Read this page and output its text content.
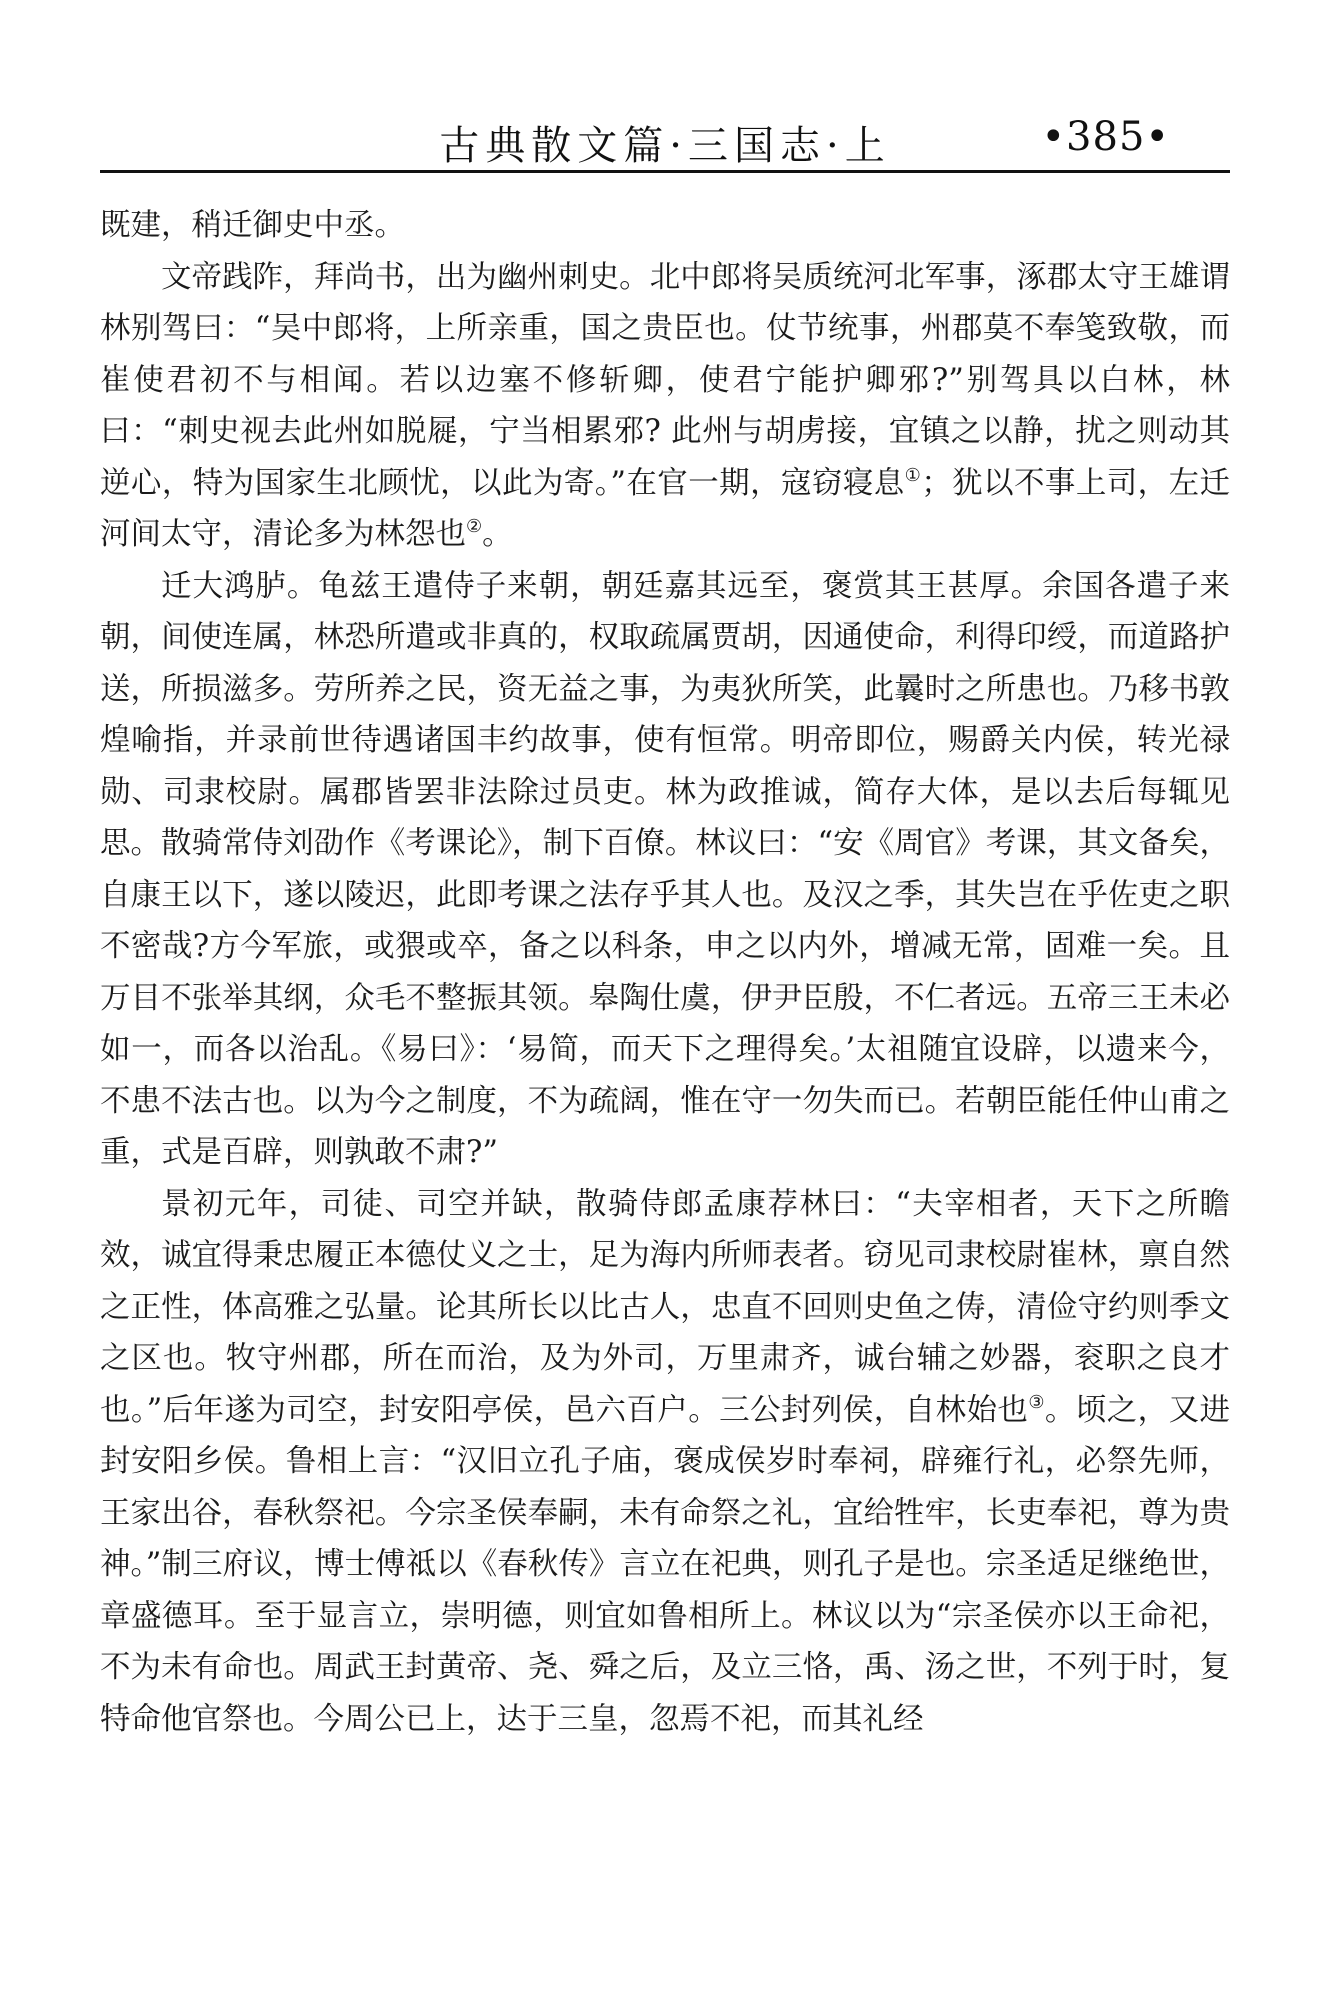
古典散文篇·三国志·上	•385•

既建，稍迁御史中丞。

文帝践阼，拜尚书，出为幽州刺史。北中郎将吴质统河北军事，涿郡太守王雄谓林别驾曰：“吴中郎将，上所亲重，国之贵臣也。仗节统事，州郡莫不奉笺致敬，而崔使君初不与相闻。若以边塞不修斩卿，使君宁能护卿邪?”别驾具以白林，林曰：“刺史视去此州如脱屣，宁当相累邪? 此州与胡虏接，宜镇之以静，扰之则动其逆心，特为国家生北顾忧，以此为寄。”在官一期，寇窃寝息①；犹以不事上司，左迁河间太守，清论多为林怨也②。

迁大鸿胪。龟兹王遣侍子来朝，朝廷嘉其远至，褒赏其王甚厚。余国各遣子来朝，间使连属，林恐所遣或非真的，权取疏属贾胡，因通使命，利得印绶，而道路护送，所损滋多。劳所养之民，资无益之事，为夷狄所笑，此曩时之所患也。乃移书敦煌喻指，并录前世待遇诸国丰约故事，使有恒常。明帝即位，赐爵关内侯，转光禄勋、司隶校尉。属郡皆罢非法除过员吏。林为政推诚，简存大体，是以去后每辄见思。散骑常侍刘劭作《考课论》，制下百僚。林议曰：“安《周官》考课，其文备矣，自康王以下，遂以陵迟，此即考课之法存乎其人也。及汉之季，其失岂在乎佐吏之职不密哉?方今军旅，或猥或卒，备之以科条，申之以内外，增减无常，固难一矣。且万目不张举其纲，众毛不整振其领。皋陶仕虞，伊尹臣殷，不仁者远。五帝三王未必如一，而各以治乱。《易曰》：‘易简，而天下之理得矣。’太祖随宜设辟，以遗来今，不患不法古也。以为今之制度，不为疏阔，惟在守一勿失而已。若朝臣能任仲山甫之重，式是百辟，则孰敢不肃?”

景初元年，司徒、司空并缺，散骑侍郎孟康荐林曰：“夫宰相者，天下之所瞻效，诚宜得秉忠履正本德仗义之士，足为海内所师表者。窃见司隶校尉崔林，禀自然之正性，体高雅之弘量。论其所长以比古人，忠直不回则史鱼之俦，清俭守约则季文之区也。牧守州郡，所在而治，及为外司，万里肃齐，诚台辅之妙器，衮职之良才也。”后年遂为司空，封安阳亭侯，邑六百户。三公封列侯，自林始也③。顷之，又进封安阳乡侯。鲁相上言：“汉旧立孔子庙，褒成侯岁时奉祠，辟雍行礼，必祭先师，王家出谷，春秋祭祀。今宗圣侯奉嗣，未有命祭之礼，宜给牲牢，长吏奉祀，尊为贵神。”制三府议，博士傅祗以《春秋传》言立在祀典，则孔子是也。宗圣适足继绝世，章盛德耳。至于显言立，崇明德，则宜如鲁相所上。林议以为“宗圣侯亦以王命祀，不为未有命也。周武王封黄帝、尧、舜之后，及立三恪，禹、汤之世，不列于时，复特命他官祭也。今周公已上，达于三皇，忽焉不祀，而其礼经
